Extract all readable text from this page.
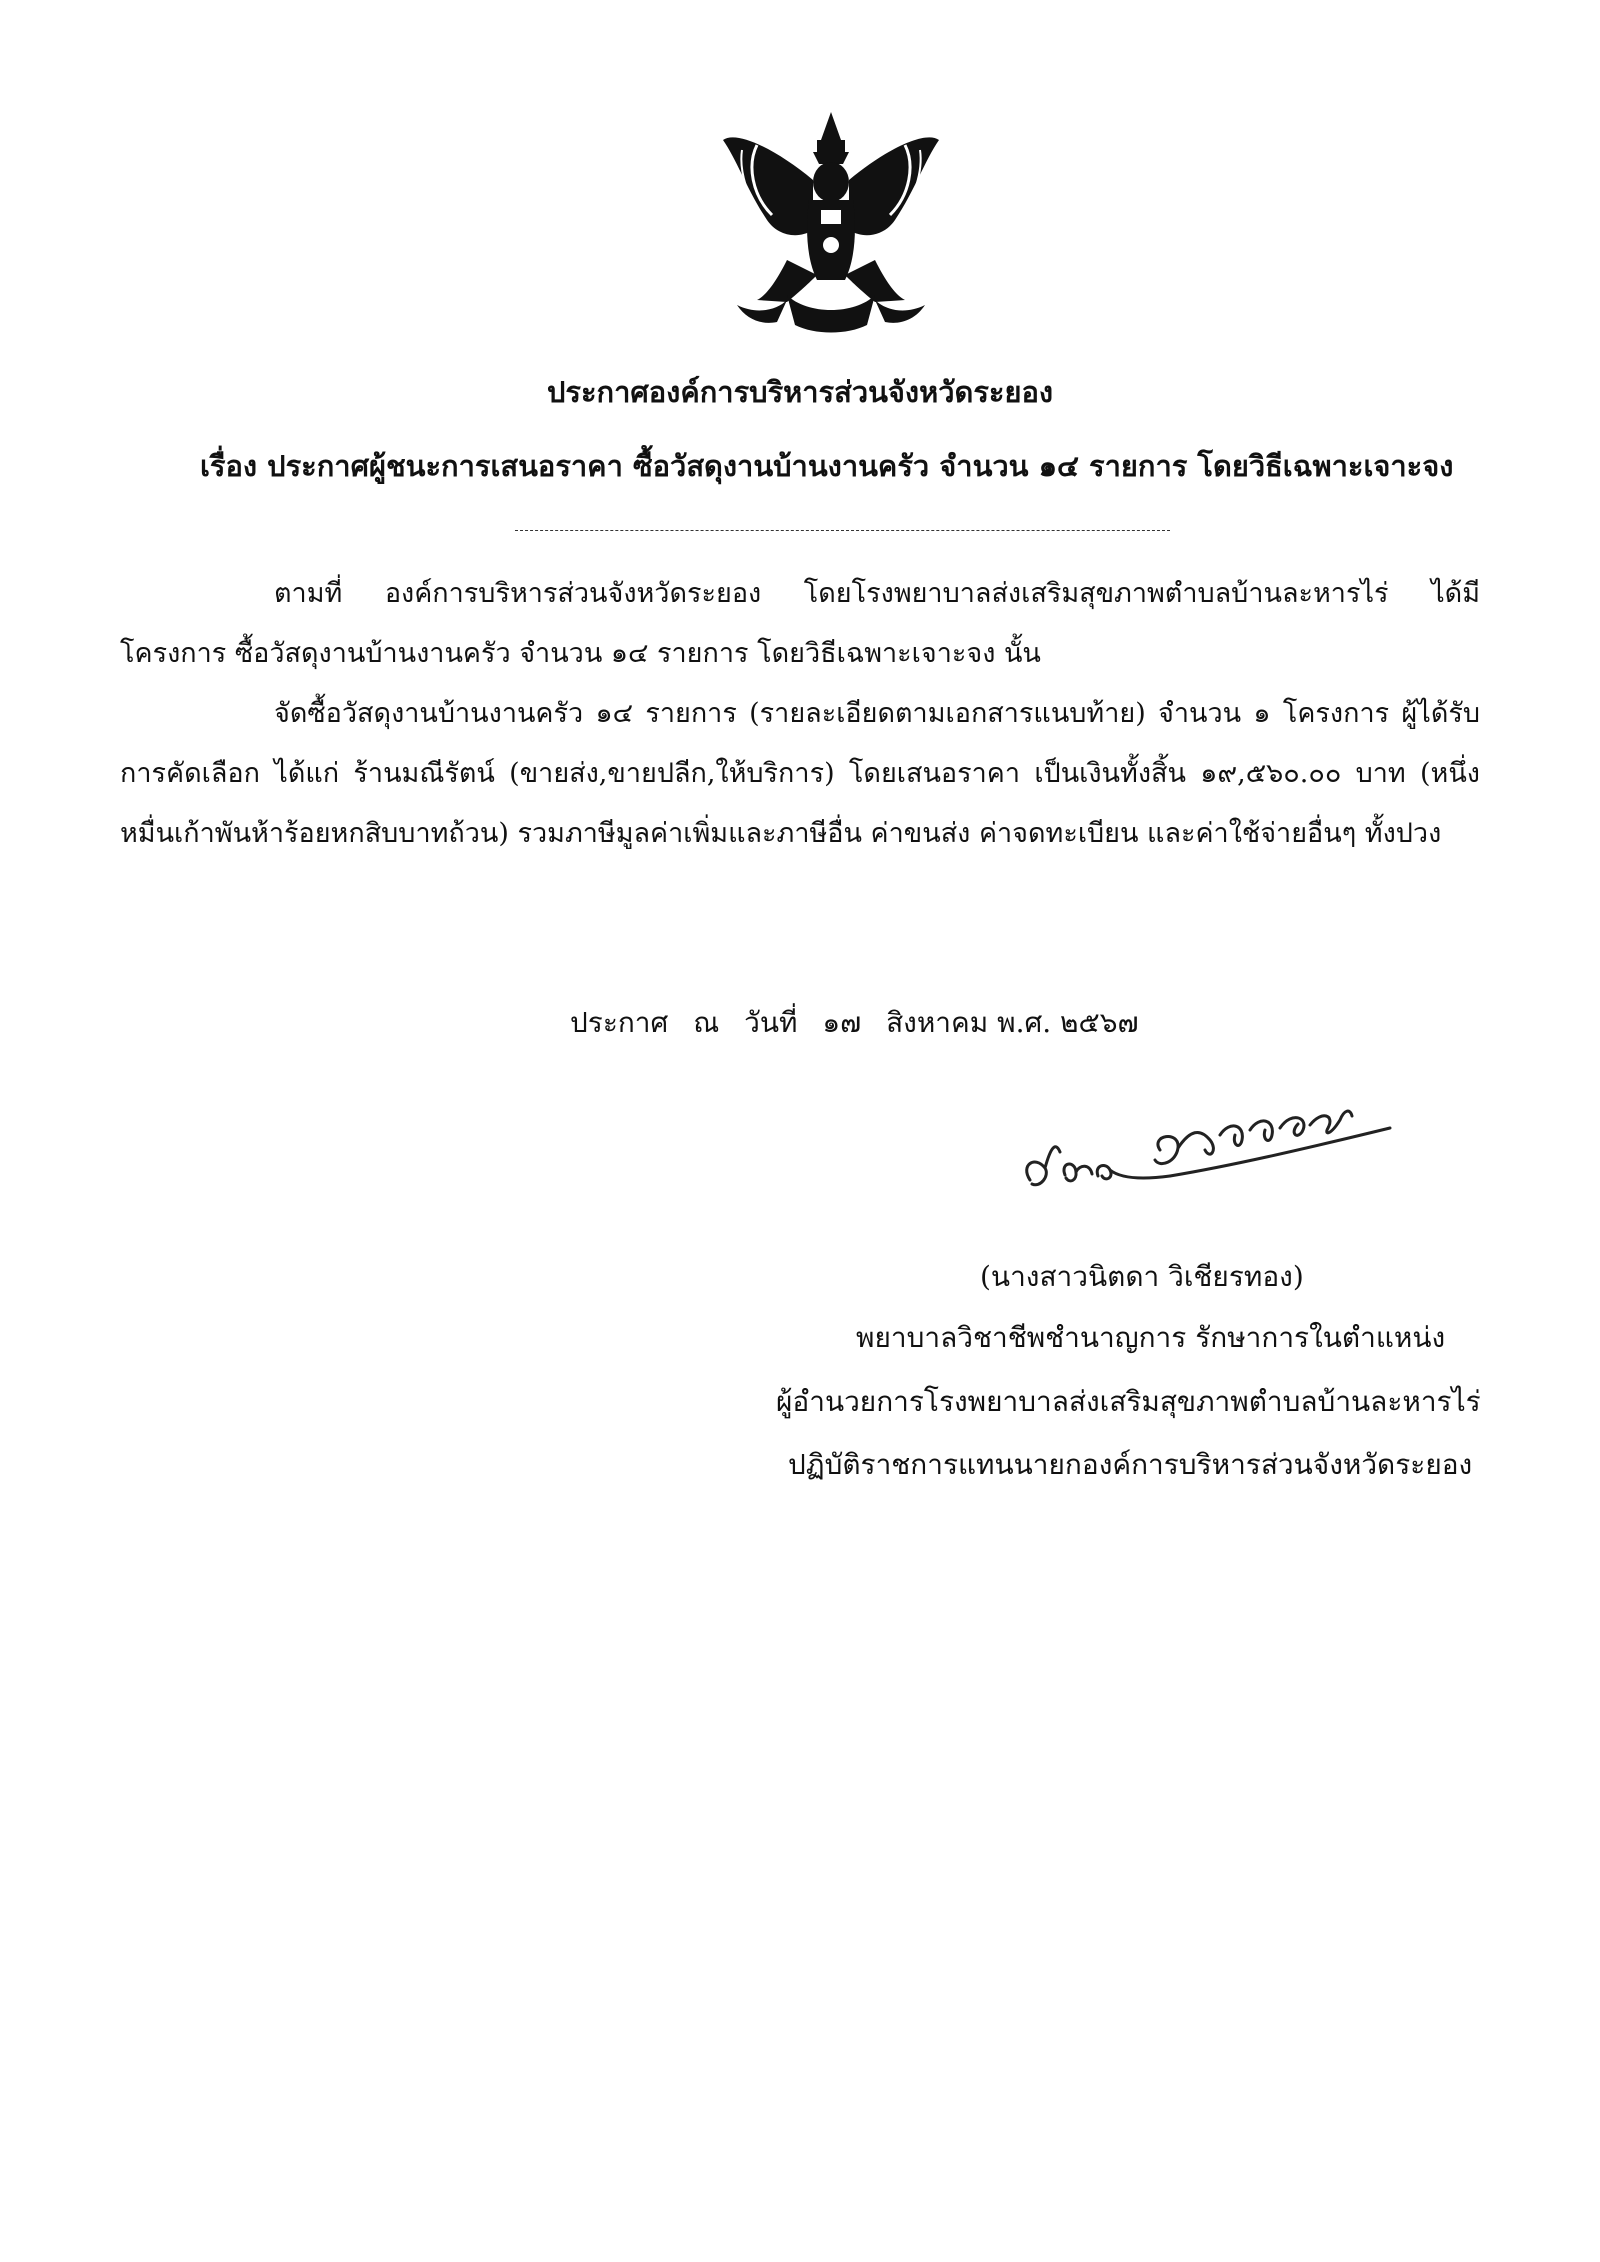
ประกาศองค์การบริหารส่วนจังหวัดระยอง
เรื่อง ประกาศผู้ชนะการเสนอราคา ซื้อวัสดุงานบ้านงานครัว จำนวน ๑๔ รายการ โดยวิธีเฉพาะเจาะจง
ตามที่ องค์การบริหารส่วนจังหวัดระยอง โดยโรงพยาบาลส่งเสริมสุขภาพตำบลบ้านละหารไร่ ได้มีโครงการ ซื้อวัสดุงานบ้านงานครัว จำนวน ๑๔ รายการ โดยวิธีเฉพาะเจาะจง นั้น
จัดซื้อวัสดุงานบ้านงานครัว ๑๔ รายการ (รายละเอียดตามเอกสารแนบท้าย) จำนวน ๑ โครงการ ผู้ได้รับการคัดเลือก ได้แก่ ร้านมณีรัตน์ (ขายส่ง,ขายปลีก,ให้บริการ) โดยเสนอราคา เป็นเงินทั้งสิ้น ๑๙,๕๖๐.๐๐ บาท (หนึ่งหมื่นเก้าพันห้าร้อยหกสิบบาทถ้วน) รวมภาษีมูลค่าเพิ่มและภาษีอื่น ค่าขนส่ง ค่าจดทะเบียน และค่าใช้จ่ายอื่นๆ ทั้งปวง
ประกาศ ณ วันที่ ๑๗ สิงหาคม พ.ศ. ๒๕๖๗
(นางสาวนิตดา วิเชียรทอง)
พยาบาลวิชาชีพชำนาญการ รักษาการในตำแหน่ง
ผู้อำนวยการโรงพยาบาลส่งเสริมสุขภาพตำบลบ้านละหารไร่
ปฏิบัติราชการแทนนายกองค์การบริหารส่วนจังหวัดระยอง
